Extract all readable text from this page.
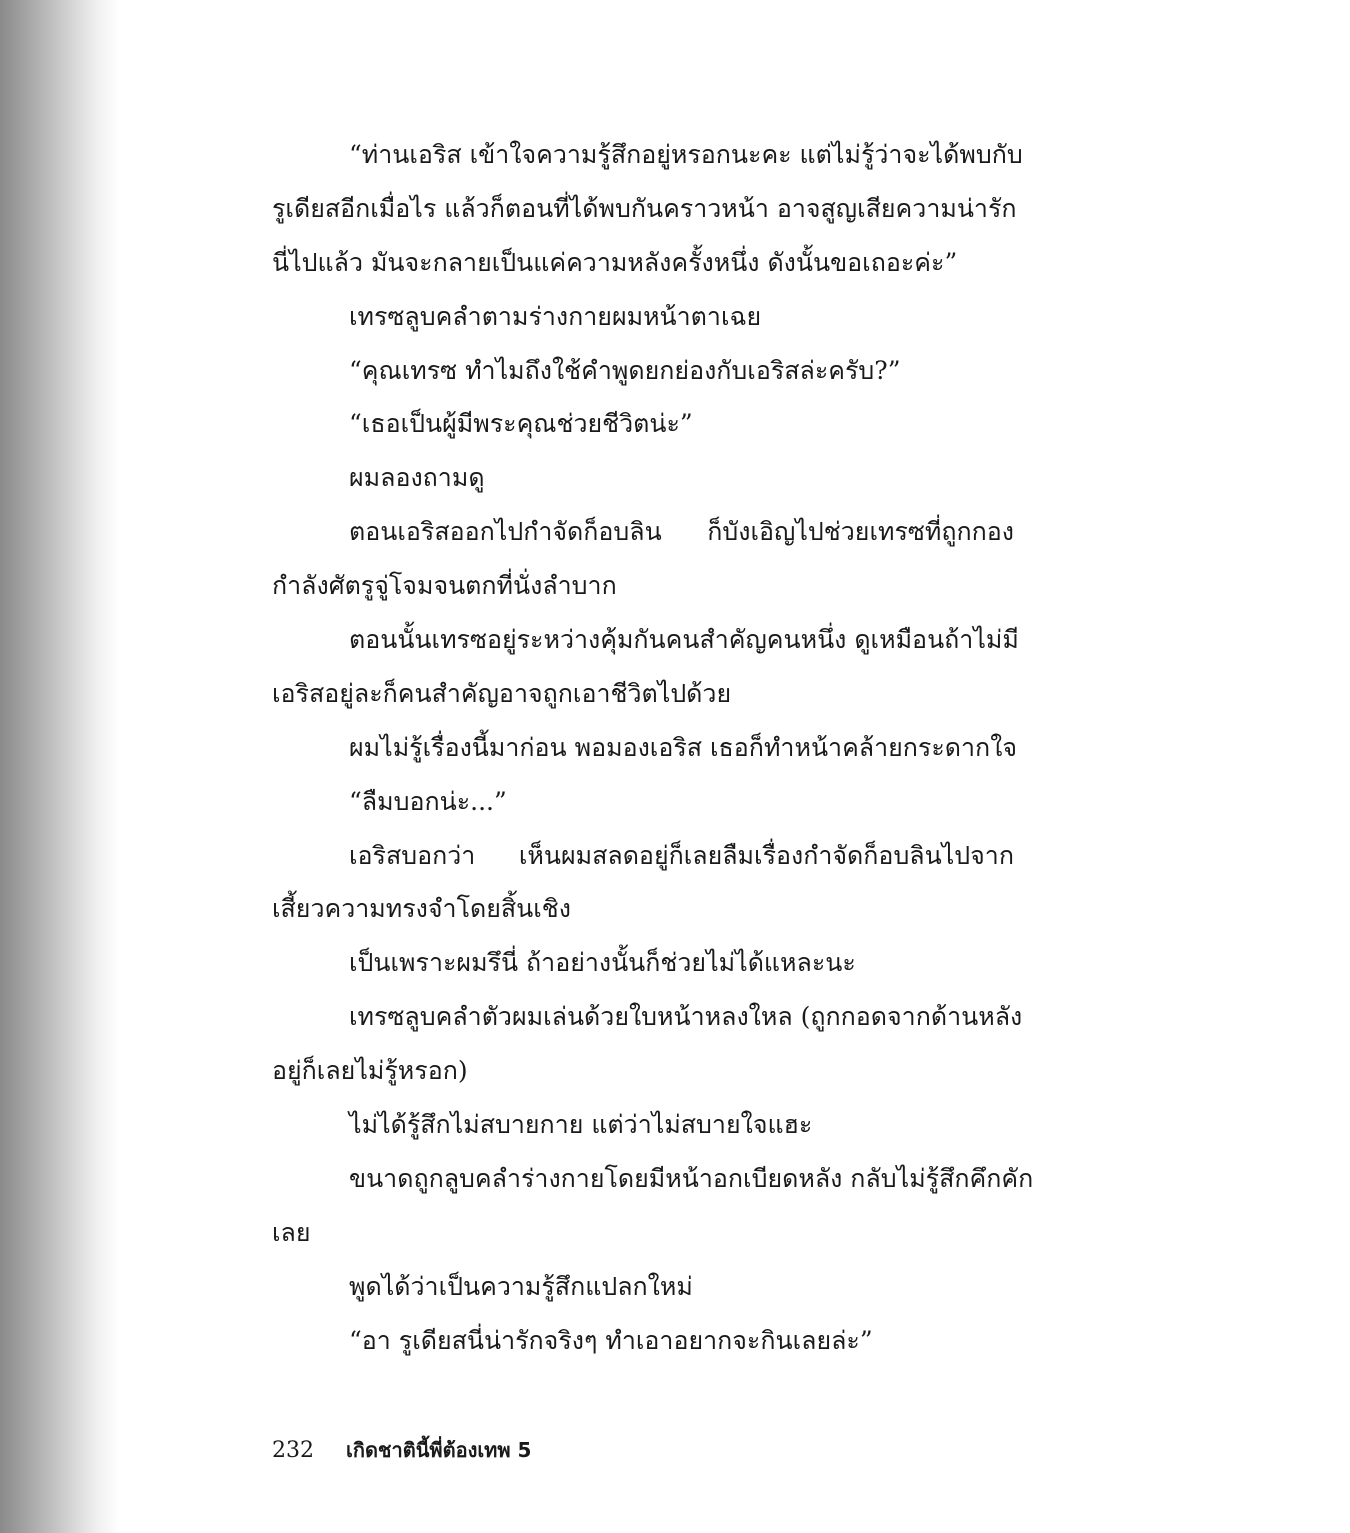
“ท่านเอริส เข้าใจความรู้สึกอยู่หรอกนะคะ แต่ไม่รู้ว่าจะได้พบกับ
รูเดียสอีกเมื่อไร แล้วก็ตอนที่ได้พบกันคราวหน้า อาจสูญเสียความน่ารัก
นี่ไปแล้ว มันจะกลายเป็นแค่ความหลังครั้งหนึ่ง ดังนั้นขอเถอะค่ะ”
เทรซลูบคลำตามร่างกายผมหน้าตาเฉย
“คุณเทรซ ทำไมถึงใช้คำพูดยกย่องกับเอริสล่ะครับ?”
“เธอเป็นผู้มีพระคุณช่วยชีวิตน่ะ”
ผมลองถามดู
ตอนเอริสออกไปกำจัดก็อบลิน ก็บังเอิญไปช่วยเทรซที่ถูกกอง
กำลังศัตรูจู่โจมจนตกที่นั่งลำบาก
ตอนนั้นเทรซอยู่ระหว่างคุ้มกันคนสำคัญคนหนึ่ง ดูเหมือนถ้าไม่มี
เอริสอยู่ละก็คนสำคัญอาจถูกเอาชีวิตไปด้วย
ผมไม่รู้เรื่องนี้มาก่อน พอมองเอริส เธอก็ทำหน้าคล้ายกระดากใจ
“ลืมบอกน่ะ...”
เอริสบอกว่า เห็นผมสลดอยู่ก็เลยลืมเรื่องกำจัดก็อบลินไปจาก
เสี้ยวความทรงจำโดยสิ้นเชิง
เป็นเพราะผมรึนี่ ถ้าอย่างนั้นก็ช่วยไม่ได้แหละนะ
เทรซลูบคลำตัวผมเล่นด้วยใบหน้าหลงใหล (ถูกกอดจากด้านหลัง
อยู่ก็เลยไม่รู้หรอก)
ไม่ได้รู้สึกไม่สบายกาย แต่ว่าไม่สบายใจแฮะ
ขนาดถูกลูบคลำร่างกายโดยมีหน้าอกเบียดหลัง กลับไม่รู้สึกคึกคัก
เลย
พูดได้ว่าเป็นความรู้สึกแปลกใหม่
“อา รูเดียสนี่น่ารักจริงๆ ทำเอาอยากจะกินเลยล่ะ”
232 เกิดชาตินี้พี่ต้องเทพ 5
